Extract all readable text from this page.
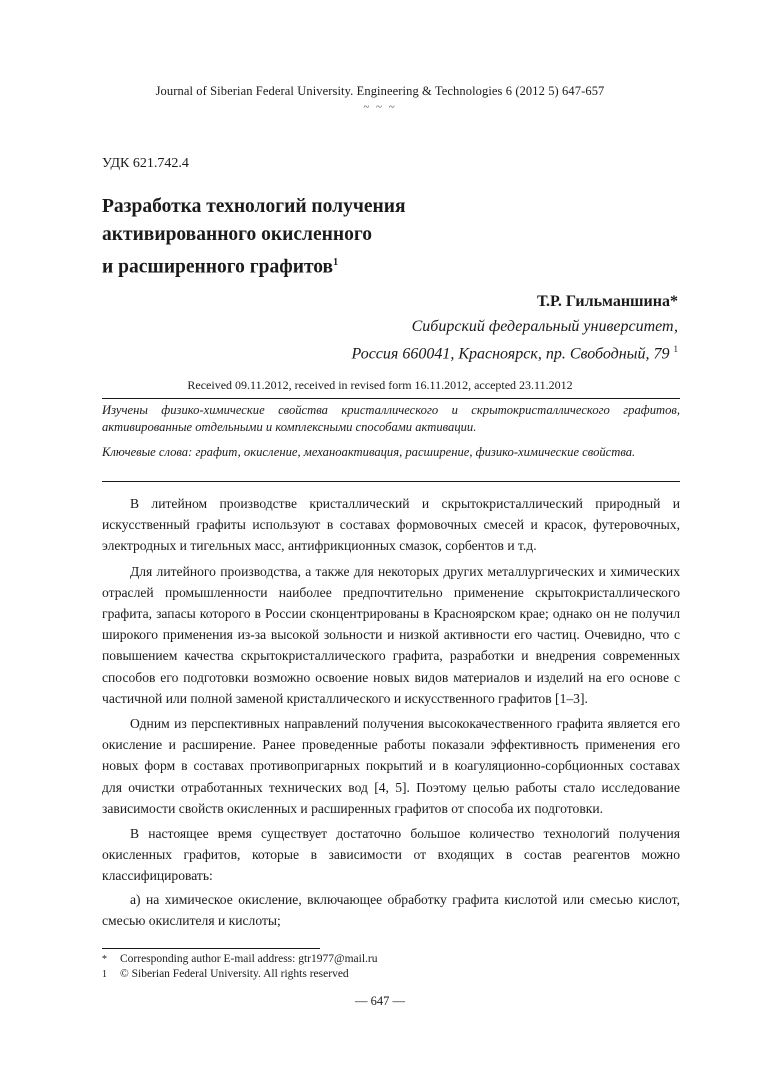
Journal of Siberian Federal University. Engineering & Technologies 6 (2012 5) 647-657
~ ~ ~
УДК 621.742.4
Разработка технологий получения
активированного окисленного
и расширенного графитов$^1$
Т.Р. Гильманшина*
Сибирский федеральный университет,
Россия 660041, Красноярск, пр. Свободный, 79 $^1$
Received 09.11.2012, received in revised form 16.11.2012, accepted 23.11.2012
Изучены физико-химические свойства кристаллического и скрытокристаллического графитов, активированные отдельными и комплексными способами активации.
Ключевые слова: графит, окисление, механоактивация, расширение, физико-химические свойства.

В литейном производстве кристаллический и скрытокристаллический природный и искусственный графиты используют в составах формовочных смесей и красок, футеровочных, электродных и тигельных масс, антифрикционных смазок, сорбентов и т.д.

Для литейного производства, а также для некоторых других металлургических и химических отраслей промышленности наиболее предпочтительно применение скрытокристаллического графита, запасы которого в России сконцентрированы в Красноярском крае; однако он не получил широкого применения из-за высокой зольности и низкой активности его частиц. Очевидно, что с повышением качества скрытокристаллического графита, разработки и внедрения современных способов его подготовки возможно освоение новых видов материалов и изделий на его основе с частичной или полной заменой кристаллического и искусственного графитов [1–3].

Одним из перспективных направлений получения высококачественного графита является его окисление и расширение. Ранее проведенные работы показали эффективность применения его новых форм в составах противопригарных покрытий и в коагуляционно-сорбционных составах для очистки отработанных технических вод [4, 5]. Поэтому целью работы стало исследование зависимости свойств окисленных и расширенных графитов от способа их подготовки.

В настоящее время существует достаточно большое количество технологий получения окисленных графитов, которые в зависимости от входящих в состав реагентов можно классифицировать:

а) на химическое окисление, включающее обработку графита кислотой или смесью кислот, смесью окислителя и кислоты;

*	Corresponding author E-mail address: gtr1977@mail.ru
1	© Siberian Federal University. All rights reserved
— 647 —
